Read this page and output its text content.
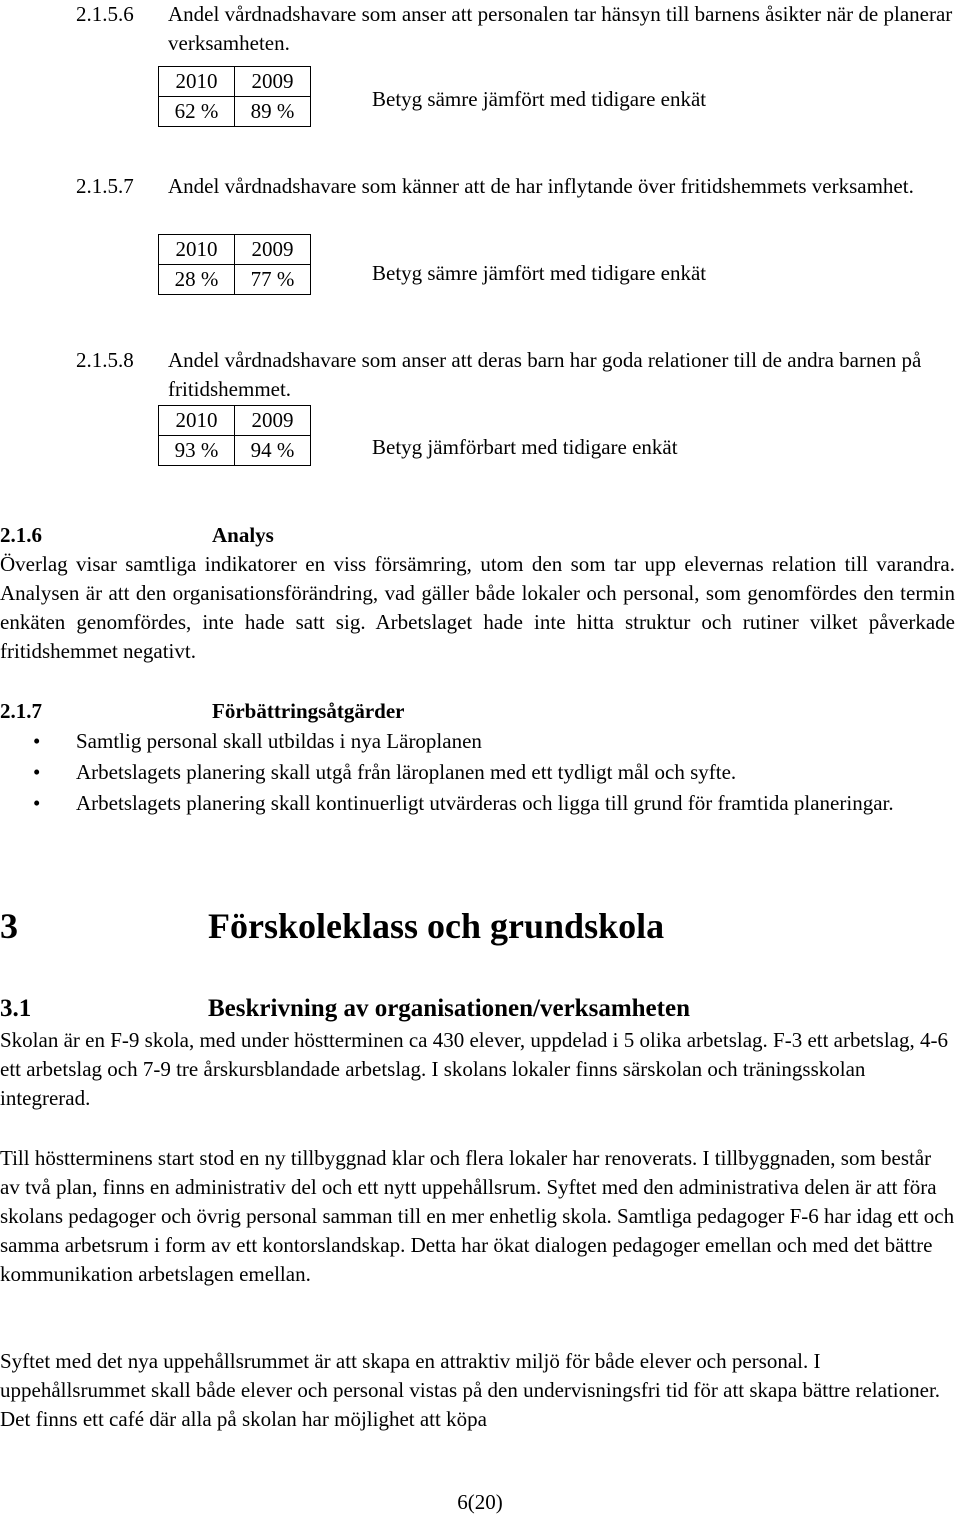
2.1.5.6 Andel vårdnadshavare som anser att personalen tar hänsyn till barnens åsikter när de planerar verksamheten.
2010	2009
62 %	89 %	Betyg sämre jämfört med tidigare enkät
2.1.5.7 Andel vårdnadshavare som känner att de har inflytande över fritidshemmets verksamhet.
2010	2009
28 %	77 %	Betyg sämre jämfört med tidigare enkät
2.1.5.8 Andel vårdnadshavare som anser att deras barn har goda relationer till de andra barnen på fritidshemmet.
2010	2009
93 %	94 %	Betyg jämförbart med tidigare enkät
2.1.6	Analys

Överlag visar samtliga indikatorer en viss försämring, utom den som tar upp elevernas relation till varandra. Analysen är att den organisationsförändring, vad gäller både lokaler och personal, som genomfördes den termin enkäten genomfördes, inte hade satt sig. Arbetslaget hade inte hitta struktur och rutiner vilket påverkade fritidshemmet negativt.

2.1.7	Förbättringsåtgärder
• Samtlig personal skall utbildas i nya Läroplanen
• Arbetslagets planering skall utgå från läroplanen med ett tydligt mål och syfte.
• Arbetslagets planering skall kontinuerligt utvärderas och ligga till grund för framtida planeringar.
3	Förskoleklass och grundskola
3.1	Beskrivning av organisationen/verksamheten

Skolan är en F-9 skola, med under höstterminen ca 430 elever, uppdelad i 5 olika arbetslag. F-3 ett arbetslag, 4-6 ett arbetslag och 7-9 tre årskursblandade arbetslag. I skolans lokaler finns särskolan och träningsskolan integrerad.

Till höstterminens start stod en ny tillbyggnad klar och flera lokaler har renoverats. I tillbyggnaden, som består av två plan, finns en administrativ del och ett nytt uppehållsrum. Syftet med den administrativa delen är att föra skolans pedagoger och övrig personal samman till en mer enhetlig skola. Samtliga pedagoger F-6 har idag ett och samma arbetsrum i form av ett kontorslandskap. Detta har ökat dialogen pedagoger emellan och med det bättre kommunikation arbetslagen emellan.

Syftet med det nya uppehållsrummet är att skapa en attraktiv miljö för både elever och personal. I uppehållsrummet skall både elever och personal vistas på den undervisningsfri tid för att skapa bättre relationer. Det finns ett café där alla på skolan har möjlighet att köpa

6(20)
